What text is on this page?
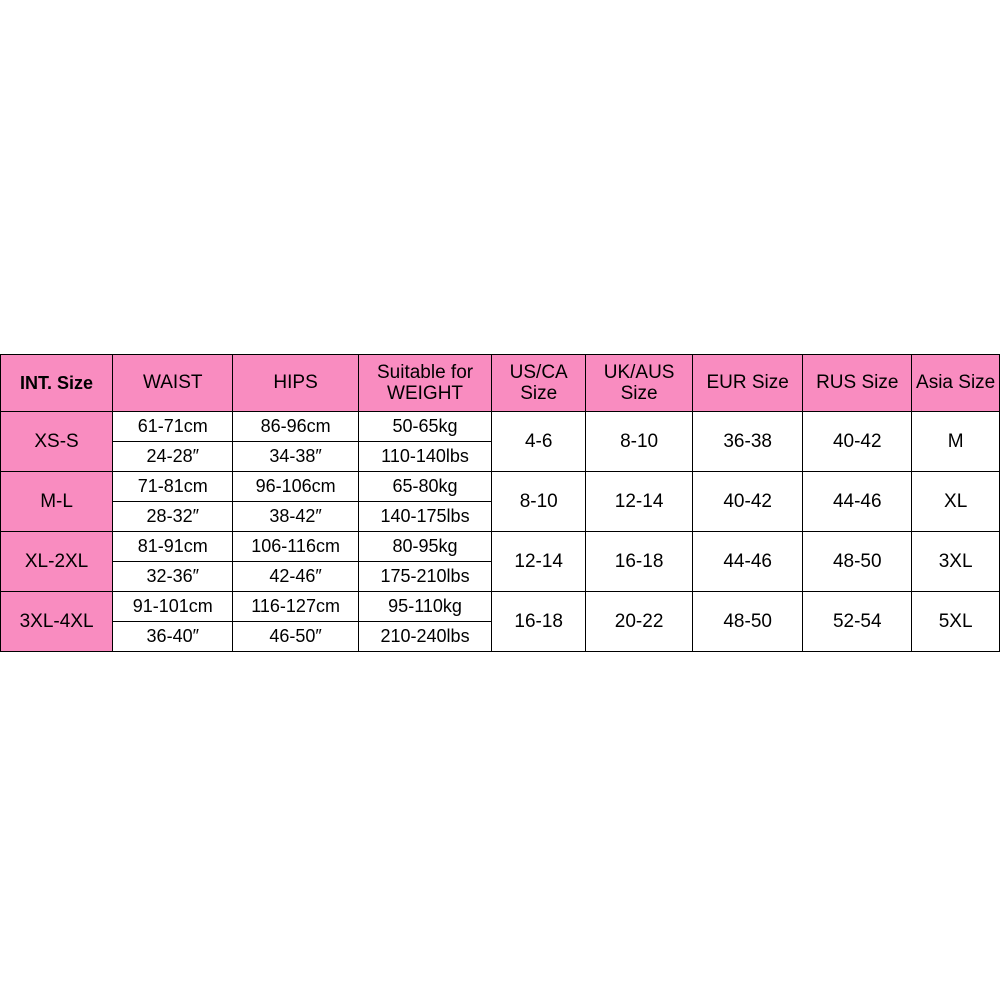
INT. Size	WAIST	HIPS	Suitable for WEIGHT	US/CA Size	UK/AUS Size	EUR Size	RUS Size	Asia Size
XS-S	61-71cm	86-96cm	50-65kg	4-6	8-10	36-38	40-42	M
	24-28″	34-38″	110-140lbs					
M-L	71-81cm	96-106cm	65-80kg	8-10	12-14	40-42	44-46	XL
	28-32″	38-42″	140-175lbs					
XL-2XL	81-91cm	106-116cm	80-95kg	12-14	16-18	44-46	48-50	3XL
	32-36″	42-46″	175-210lbs					
3XL-4XL	91-101cm	116-127cm	95-110kg	16-18	20-22	48-50	52-54	5XL
	36-40″	46-50″	210-240lbs					
